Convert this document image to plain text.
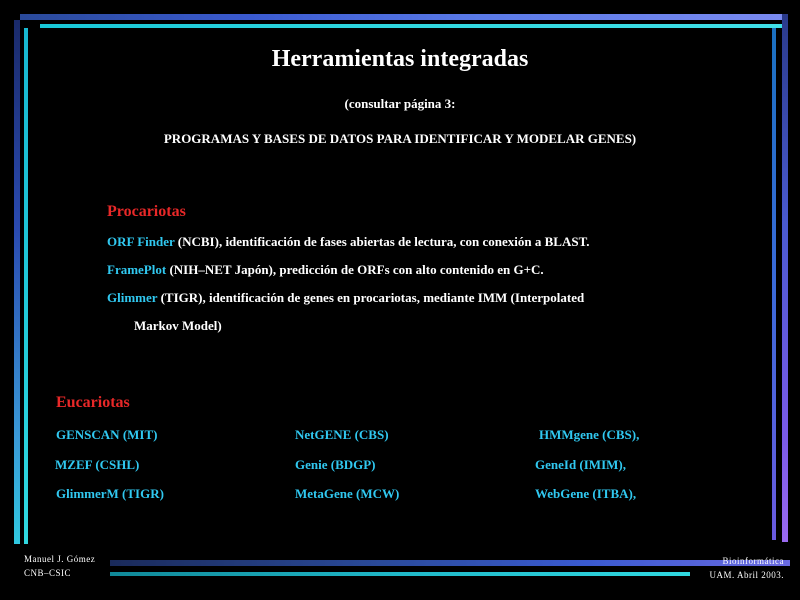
Herramientas integradas
(consultar página 3:
PROGRAMAS Y BASES DE DATOS PARA IDENTIFICAR Y MODELAR GENES)
Procariotas
ORF Finder (NCBI), identificación de fases abiertas de lectura, con conexión a BLAST.
FramePlot (NIH–NET Japón), predicción de ORFs con alto contenido en G+C.
Glimmer (TIGR), identificación de genes en procariotas, mediante IMM (Interpolated
Markov Model)
Eucariotas
GENSCAN (MIT)	NetGENE (CBS)	HMMgene (CBS),
MZEF (CSHL)	Genie (BDGP)	GeneId (IMIM),
GlimmerM (TIGR)	MetaGene (MCW)	WebGene (ITBA),
Manuel J. Gómez
CNB–CSIC
Bioinformática
UAM. Abril 2003.
